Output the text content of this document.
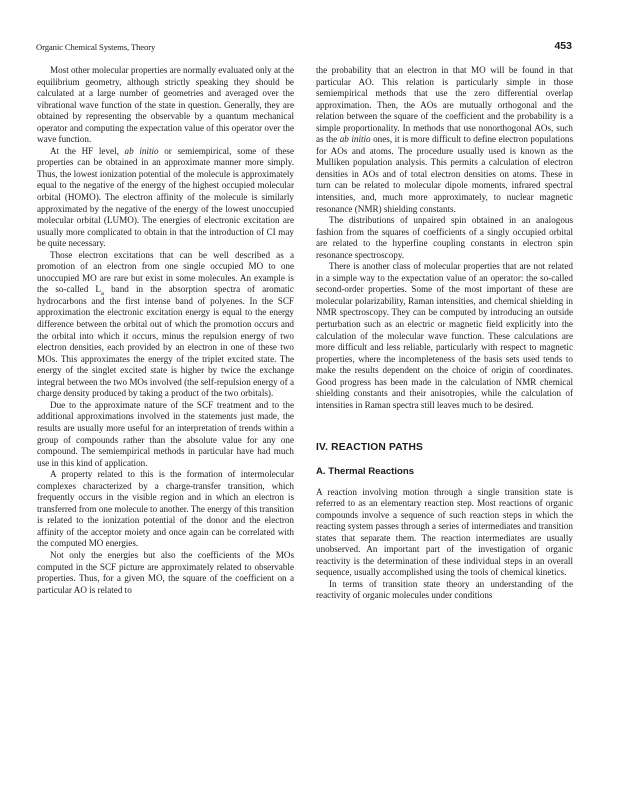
Organic Chemical Systems, Theory	453

Most other molecular properties are normally evaluated only at the equilibrium geometry, although strictly speaking they should be calculated at a large number of geometries and averaged over the vibrational wave function of the state in question. Generally, they are obtained by representing the observable by a quantum mechanical operator and computing the expectation value of this operator over the wave function.

At the HF level, ab initio or semiempirical, some of these properties can be obtained in an approximate manner more simply. Thus, the lowest ionization potential of the molecule is approximately equal to the negative of the energy of the highest occupied molecular orbital (HOMO). The electron affinity of the molecule is similarly approximated by the negative of the energy of the lowest unoccupied molecular orbital (LUMO). The energies of electronic excitation are usually more complicated to obtain in that the introduction of CI may be quite necessary.

Those electron excitations that can be well described as a promotion of an electron from one single occupied MO to one unoccupied MO are rare but exist in some molecules. An example is the so-called $L_a$ band in the absorption spectra of aromatic hydrocarbons and the first intense band of polyenes. In the SCF approximation the electronic excitation energy is equal to the energy difference between the orbital out of which the promotion occurs and the orbital into which it occurs, minus the repulsion energy of two electron densities, each provided by an electron in one of these two MOs. This approximates the energy of the triplet excited state. The energy of the singlet excited state is higher by twice the exchange integral between the two MOs involved (the self-repulsion energy of a charge density produced by taking a product of the two orbitals).

Due to the approximate nature of the SCF treatment and to the additional approximations involved in the statements just made, the results are usually more useful for an interpretation of trends within a group of compounds rather than the absolute value for any one compound. The semiempirical methods in particular have had much use in this kind of application.

A property related to this is the formation of intermolecular complexes characterized by a charge-transfer transition, which frequently occurs in the visible region and in which an electron is transferred from one molecule to another. The energy of this transition is related to the ionization potential of the donor and the electron affinity of the acceptor moiety and once again can be correlated with the computed MO energies.

Not only the energies but also the coefficients of the MOs computed in the SCF picture are approximately related to observable properties. Thus, for a given MO, the square of the coefficient on a particular AO is related to

the probability that an electron in that MO will be found in that particular AO. This relation is particularly simple in those semiempirical methods that use the zero differential overlap approximation. Then, the AOs are mutually orthogonal and the relation between the square of the coefficient and the probability is a simple proportionality. In methods that use nonorthogonal AOs, such as the ab initio ones, it is more difficult to define electron populations for AOs and atoms. The procedure usually used is known as the Mulliken population analysis. This permits a calculation of electron densities in AOs and of total electron densities on atoms. These in turn can be related to molecular dipole moments, infrared spectral intensities, and, much more approximately, to nuclear magnetic resonance (NMR) shielding constants.

The distributions of unpaired spin obtained in an analogous fashion from the squares of coefficients of a singly occupied orbital are related to the hyperfine coupling constants in electron spin resonance spectroscopy.

There is another class of molecular properties that are not related in a simple way to the expectation value of an operator: the so-called second-order properties. Some of the most important of these are molecular polarizability, Raman intensities, and chemical shielding in NMR spectroscopy. They can be computed by introducing an outside perturbation such as an electric or magnetic field explicitly into the calculation of the molecular wave function. These calculations are more difficult and less reliable, particularly with respect to magnetic properties, where the incompleteness of the basis sets used tends to make the results dependent on the choice of origin of coordinates. Good progress has been made in the calculation of NMR chemical shielding constants and their anisotropies, while the calculation of intensities in Raman spectra still leaves much to be desired.

IV. REACTION PATHS
A. Thermal Reactions

A reaction involving motion through a single transition state is referred to as an elementary reaction step. Most reactions of organic compounds involve a sequence of such reaction steps in which the reacting system passes through a series of intermediates and transition states that separate them. The reaction intermediates are usually unobserved. An important part of the investigation of organic reactivity is the determination of these individual steps in an overall sequence, usually accomplished using the tools of chemical kinetics.

In terms of transition state theory an understanding of the reactivity of organic molecules under conditions
